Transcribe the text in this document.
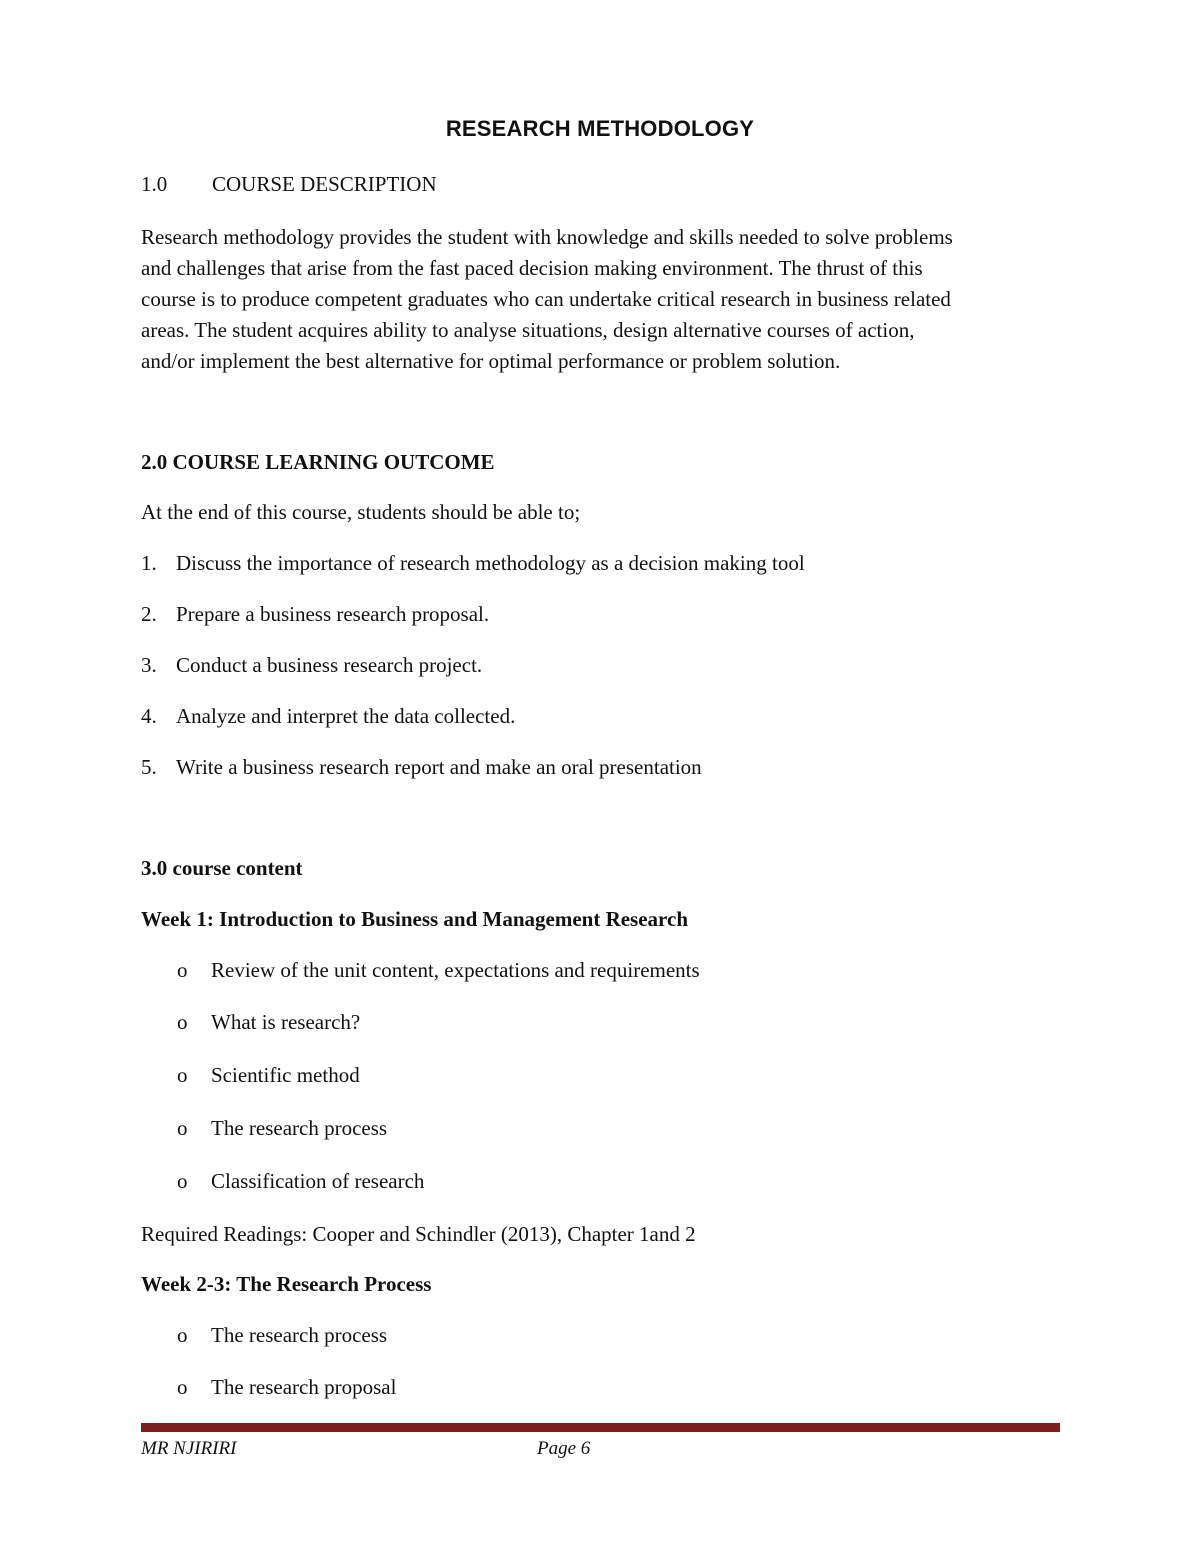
RESEARCH METHODOLOGY
1.0 COURSE DESCRIPTION
Research methodology provides the student with knowledge and skills needed to solve problems
and challenges that arise from the fast paced decision making environment. The thrust of this
course is to produce competent graduates who can undertake critical research in business related
areas. The student acquires ability to analyse situations, design alternative courses of action,
and/or implement the best alternative for optimal performance or problem solution.
2.0 COURSE LEARNING OUTCOME
At the end of this course, students should be able to;
1. Discuss the importance of research methodology as a decision making tool
2. Prepare a business research proposal.
3. Conduct a business research project.
4. Analyze and interpret the data collected.
5. Write a business research report and make an oral presentation
3.0 course content
Week 1: Introduction to Business and Management Research
o Review of the unit content, expectations and requirements
o What is research?
o Scientific method
o The research process
o Classification of research
Required Readings: Cooper and Schindler (2013), Chapter 1and 2
Week 2-3: The Research Process
o The research process
o The research proposal
MR NJIRIRI	Page 6
